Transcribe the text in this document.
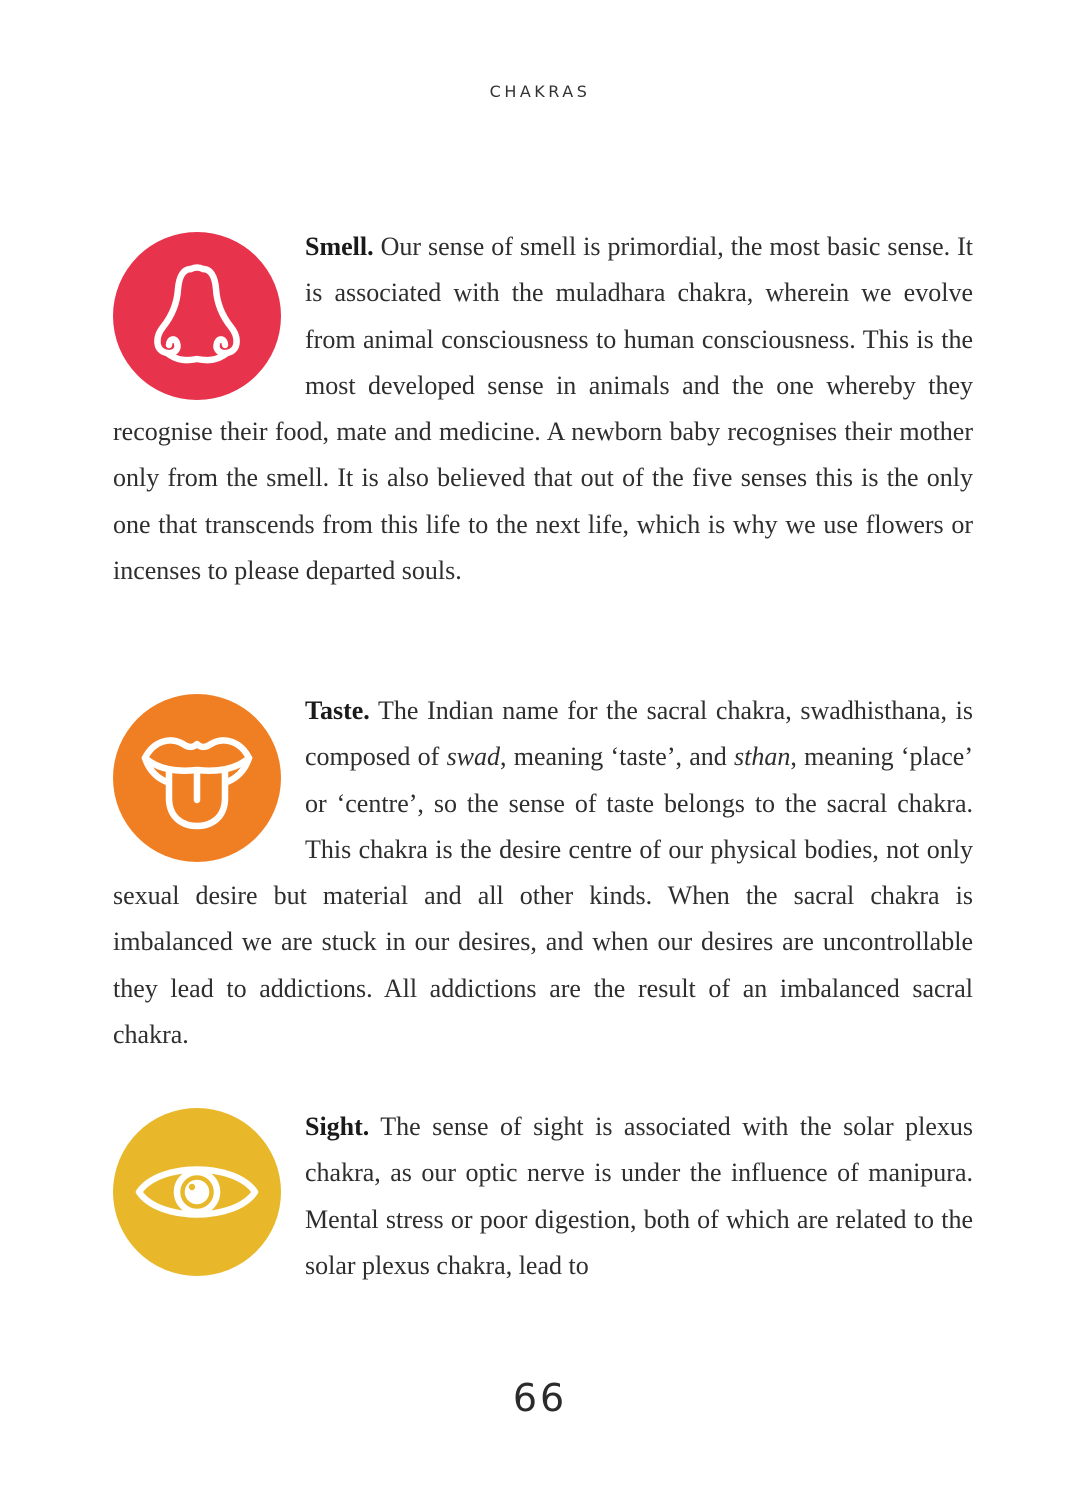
CHAKRAS

Smell. Our sense of smell is primordial, the most basic sense. It is associated with the muladhara chakra, wherein we evolve from animal consciousness to human consciousness. This is the most developed sense in animals and the one whereby they recognise their food, mate and medicine. A newborn baby recognises their mother only from the smell. It is also believed that out of the five senses this is the only one that transcends from this life to the next life, which is why we use flowers or incenses to please departed souls.

Taste. The Indian name for the sacral chakra, swadhisthana, is composed of swad, meaning ‘taste’, and sthan, meaning ‘place’ or ‘centre’, so the sense of taste belongs to the sacral chakra. This chakra is the desire centre of our physical bodies, not only sexual desire but material and all other kinds. When the sacral chakra is imbalanced we are stuck in our desires, and when our desires are uncontrollable they lead to addictions. All addictions are the result of an imbalanced sacral chakra.

Sight. The sense of sight is associated with the solar plexus chakra, as our optic nerve is under the influence of manipura. Mental stress or poor digestion, both of which are related to the solar plexus chakra, lead to

66
